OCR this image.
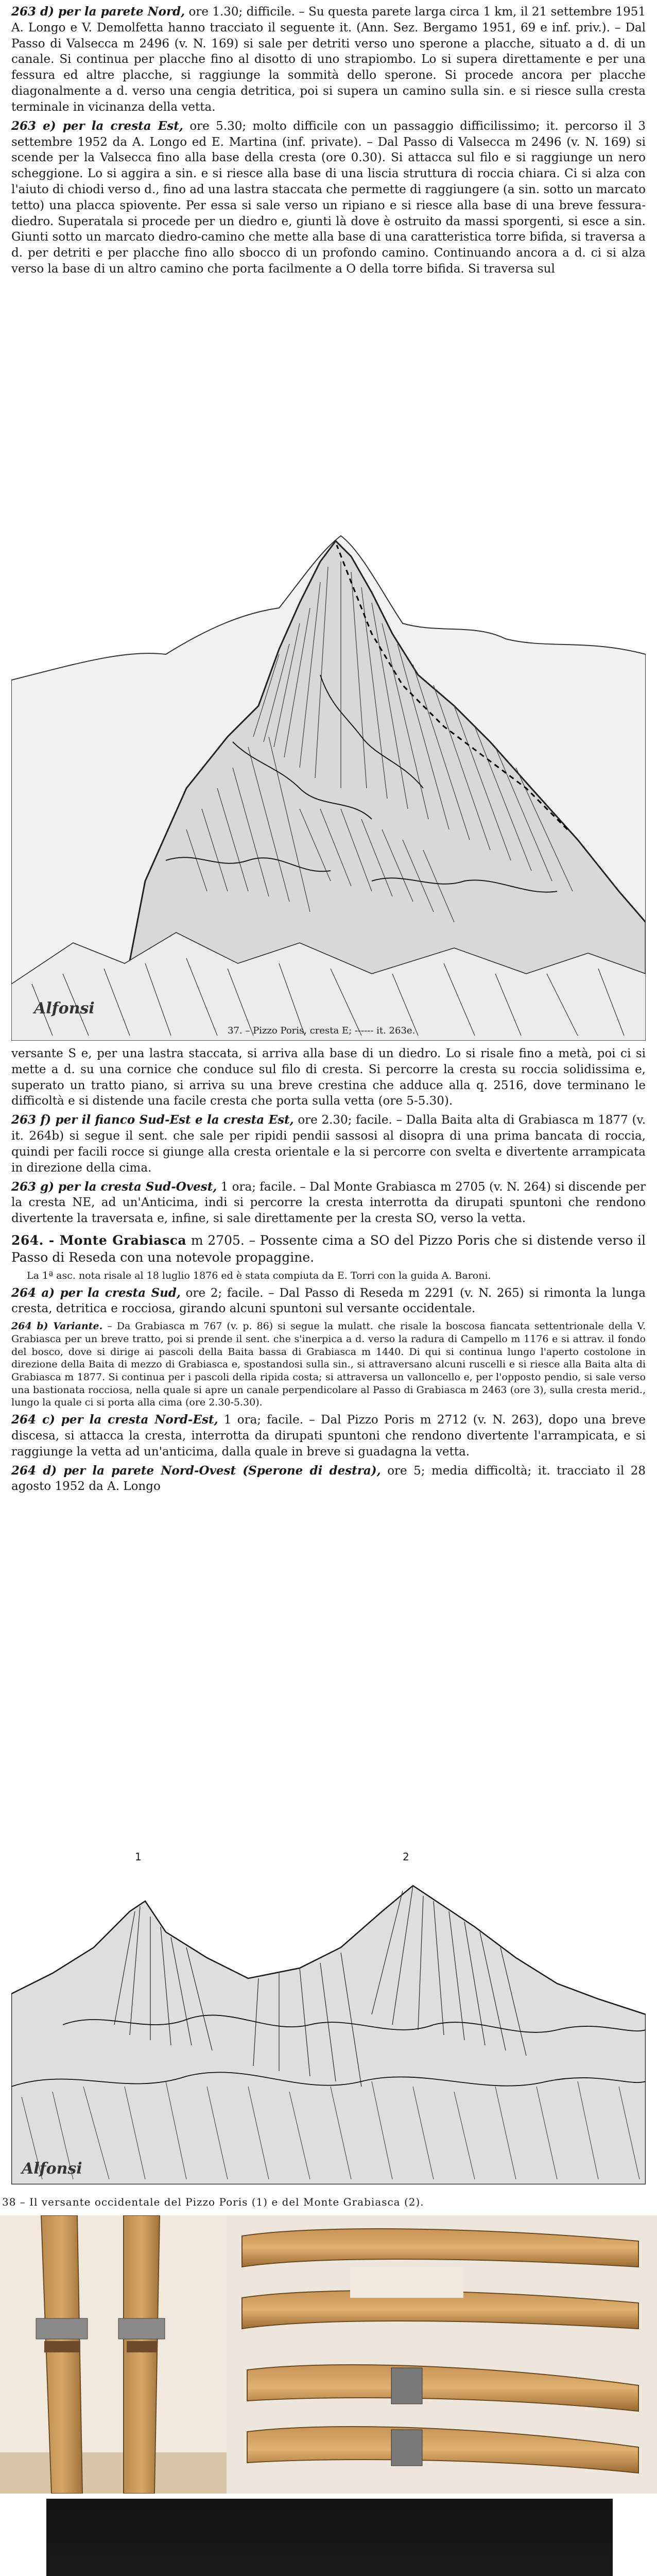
263 d) per la parete Nord, ore 1.30; difficile. – Su questa parete larga circa 1 km, il 21 settembre 1951 A. Longo e V. Demolfetta hanno tracciato il seguente it. (Ann. Sez. Bergamo 1951, 69 e inf. priv.). – Dal Passo di Valsecca m 2496 (v. N. 169) si sale per detriti verso uno sperone a placche, situato a d. di un canale. Si continua per placche fino al disotto di uno strapiombo. Lo si supera direttamente e per una fessura ed altre placche, si raggiunge la sommità dello sperone. Si procede ancora per placche diagonalmente a d. verso una cengia detritica, poi si supera un camino sulla sin. e si riesce sulla cresta terminale in vicinanza della vetta.

263 e) per la cresta Est, ore 5.30; molto difficile con un passaggio difficilissimo; it. percorso il 3 settembre 1952 da A. Longo ed E. Martina (inf. private). – Dal Passo di Valsecca m 2496 (v. N. 169) si scende per la Valsecca fino alla base della cresta (ore 0.30). Si attacca sul filo e si raggiunge un nero scheggione. Lo si aggira a sin. e si riesce alla base di una liscia struttura di roccia chiara. Ci si alza con l'aiuto di chiodi verso d., fino ad una lastra staccata che permette di raggiungere (a sin. sotto un marcato tetto) una placca spiovente. Per essa si sale verso un ripiano e si riesce alla base di una breve fessura-diedro. Superatala si procede per un diedro e, giunti là dove è ostruito da massi sporgenti, si esce a sin. Giunti sotto un marcato diedro-camino che mette alla base di una caratteristica torre bifida, si traversa a d. per detriti e per placche fino allo sbocco di un profondo camino. Continuando ancora a d. ci si alza verso la base di un altro camino che porta facilmente a O della torre bifida. Si traversa sul

Alfonsi
37. – Pizzo Poris, cresta E; ------ it. 263e.

versante S e, per una lastra staccata, si arriva alla base di un diedro. Lo si risale fino a metà, poi ci si mette a d. su una cornice che conduce sul filo di cresta. Si percorre la cresta su roccia solidissima e, superato un tratto piano, si arriva su una breve crestina che adduce alla q. 2516, dove terminano le difficoltà e si distende una facile cresta che porta sulla vetta (ore 5-5.30).

263 f) per il fianco Sud-Est e la cresta Est, ore 2.30; facile. – Dalla Baita alta di Grabiasca m 1877 (v. it. 264b) si segue il sent. che sale per ripidi pendii sassosi al disopra di una prima bancata di roccia, quindi per facili rocce si giunge alla cresta orientale e la si percorre con svelta e divertente arrampicata in direzione della cima.

263 g) per la cresta Sud-Ovest, 1 ora; facile. – Dal Monte Grabiasca m 2705 (v. N. 264) si discende per la cresta NE, ad un'Anticima, indi si percorre la cresta interrotta da dirupati spuntoni che rendono divertente la traversata e, infine, si sale direttamente per la cresta SO, verso la vetta.

264. - Monte Grabiasca m 2705. – Possente cima a SO del Pizzo Poris che si distende verso il Passo di Reseda con una notevole propaggine.

La 1ª asc. nota risale al 18 luglio 1876 ed è stata compiuta da E. Torri con la guida A. Baroni.

264 a) per la cresta Sud, ore 2; facile. – Dal Passo di Reseda m 2291 (v. N. 265) si rimonta la lunga cresta, detritica e rocciosa, girando alcuni spuntoni sul versante occidentale.

264 b) Variante. – Da Grabiasca m 767 (v. p. 86) si segue la mulatt. che risale la boscosa fiancata settentrionale della V. Grabiasca per un breve tratto, poi si prende il sent. che s'inerpica a d. verso la radura di Campello m 1176 e si attrav. il fondo del bosco, dove si dirige ai pascoli della Baita bassa di Grabiasca m 1440. Di qui si continua lungo l'aperto costolone in direzione della Baita di mezzo di Grabiasca e, spostandosi sulla sin., si attraversano alcuni ruscelli e si riesce alla Baita alta di Grabiasca m 1877. Si continua per i pascoli della ripida costa; si attraversa un valloncello e, per l'opposto pendio, si sale verso una bastionata rocciosa, nella quale si apre un canale perpendicolare al Passo di Grabiasca m 2463 (ore 3), sulla cresta merid., lungo la quale ci si porta alla cima (ore 2.30-5.30).

264 c) per la cresta Nord-Est, 1 ora; facile. – Dal Pizzo Poris m 2712 (v. N. 263), dopo una breve discesa, si attacca la cresta, interrotta da dirupati spuntoni che rendono divertente l'arrampicata, e si raggiunge la vetta ad un'anticima, dalla quale in breve si guadagna la vetta.

264 d) per la parete Nord-Ovest (Sperone di destra), ore 5; media difficoltà; it. tracciato il 28 agosto 1952 da A. Longo

1	2
Alfonsi
38 – Il versante occidentale del Pizzo Poris (1) e del Monte Grabiasca (2).
